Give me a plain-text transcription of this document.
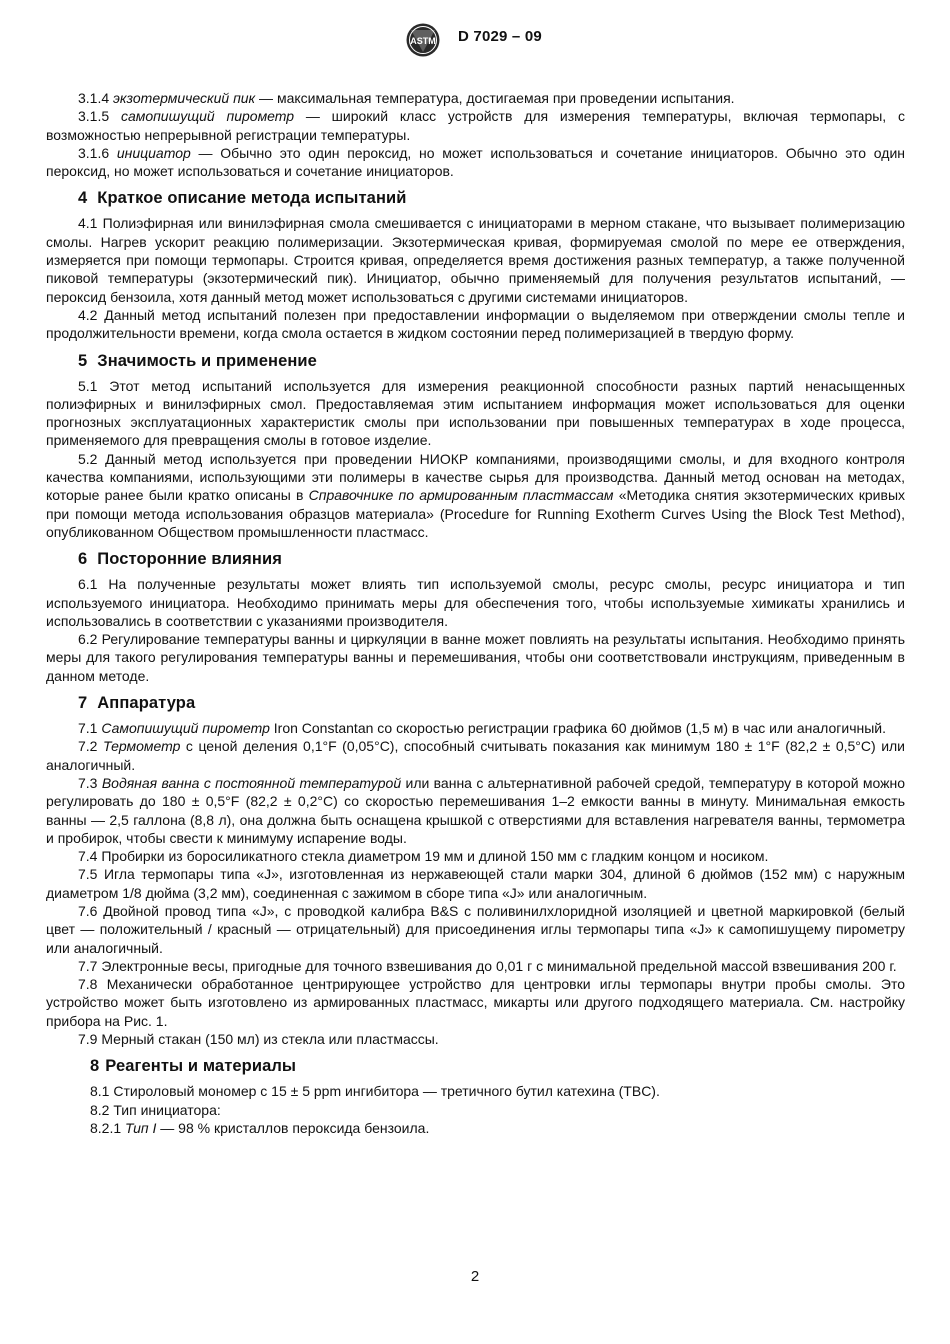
ASTM D 7029 – 09

3.1.4 экзотермический пик — максимальная температура, достигаемая при проведении испытания.

3.1.5 самопишущий пирометр — широкий класс устройств для измерения температуры, включая термопары, с возможностью непрерывной регистрации температуры.

3.1.6 инициатор — Обычно это один пероксид, но может использоваться и сочетание инициаторов. Обычно это один пероксид, но может использоваться и сочетание инициаторов.

4 Краткое описание метода испытаний

4.1 Полиэфирная или винилэфирная смола смешивается с инициаторами в мерном стакане, что вызывает полимеризацию смолы. Нагрев ускорит реакцию полимеризации. Экзотермическая кривая, формируемая смолой по мере ее отверждения, измеряется при помощи термопары. Строится кривая, определяется время достижения разных температур, а также полученной пиковой температуры (экзотермический пик). Инициатор, обычно применяемый для получения результатов испытаний, — пероксид бензоила, хотя данный метод может использоваться с другими системами инициаторов.

4.2 Данный метод испытаний полезен при предоставлении информации о выделяемом при отверждении смолы тепле и продолжительности времени, когда смола остается в жидком состоянии перед полимеризацией в твердую форму.

5 Значимость и применение

5.1 Этот метод испытаний используется для измерения реакционной способности разных партий ненасыщенных полиэфирных и винилэфирных смол. Предоставляемая этим испытанием информация может использоваться для оценки прогнозных эксплуатационных характеристик смолы при использовании при повышенных температурах в ходе процесса, применяемого для превращения смолы в готовое изделие.

5.2 Данный метод используется при проведении НИОКР компаниями, производящими смолы, и для входного контроля качества компаниями, использующими эти полимеры в качестве сырья для производства. Данный метод основан на методах, которые ранее были кратко описаны в Справочнике по армированным пластмассам «Методика снятия экзотермических кривых при помощи метода использования образцов материала» (Procedure for Running Exotherm Curves Using the Block Test Method), опубликованном Обществом промышленности пластмасс.

6 Посторонние влияния

6.1 На полученные результаты может влиять тип используемой смолы, ресурс смолы, ресурс инициатора и тип используемого инициатора. Необходимо принимать меры для обеспечения того, чтобы используемые химикаты хранились и использовались в соответствии с указаниями производителя.

6.2 Регулирование температуры ванны и циркуляции в ванне может повлиять на результаты испытания. Необходимо принять меры для такого регулирования температуры ванны и перемешивания, чтобы они соответствовали инструкциям, приведенным в данном методе.

7 Аппаратура

7.1 Самопишущий пирометр Iron Constantan со скоростью регистрации графика 60 дюймов (1,5 м) в час или аналогичный.

7.2 Термометр с ценой деления 0,1°F (0,05°C), способный считывать показания как минимум 180 ± 1°F (82,2 ± 0,5°C) или аналогичный.

7.3 Водяная ванна с постоянной температурой или ванна с альтернативной рабочей средой, температуру в которой можно регулировать до 180 ± 0,5°F (82,2 ± 0,2°C) со скоростью перемешивания 1–2 емкости ванны в минуту. Минимальная емкость ванны — 2,5 галлона (8,8 л), она должна быть оснащена крышкой с отверстиями для вставления нагревателя ванны, термометра и пробирок, чтобы свести к минимуму испарение воды.

7.4 Пробирки из боросиликатного стекла диаметром 19 мм и длиной 150 мм с гладким концом и носиком.

7.5 Игла термопары типа «J», изготовленная из нержавеющей стали марки 304, длиной 6 дюймов (152 мм) с наружным диаметром 1/8 дюйма (3,2 мм), соединенная с зажимом в сборе типа «J» или аналогичным.

7.6 Двойной провод типа «J», с проводкой калибра B&S с поливинилхлоридной изоляцией и цветной маркировкой (белый цвет — положительный / красный — отрицательный) для присоединения иглы термопары типа «J» к самопишущему пирометру или аналогичный.

7.7 Электронные весы, пригодные для точного взвешивания до 0,01 г с минимальной предельной массой взвешивания 200 г.

7.8 Механически обработанное центрирующее устройство для центровки иглы термопары внутри пробы смолы. Это устройство может быть изготовлено из армированных пластмасс, микарты или другого подходящего материала. См. настройку прибора на Рис. 1.

7.9 Мерный стакан (150 мл) из стекла или пластмассы.

8 Реагенты и материалы

8.1 Стироловый мономер с 15 ± 5 ppm ингибитора — третичного бутил катехина (TBC).

8.2 Тип инициатора:

8.2.1 Тип I — 98 % кристаллов пероксида бензоила.

2
